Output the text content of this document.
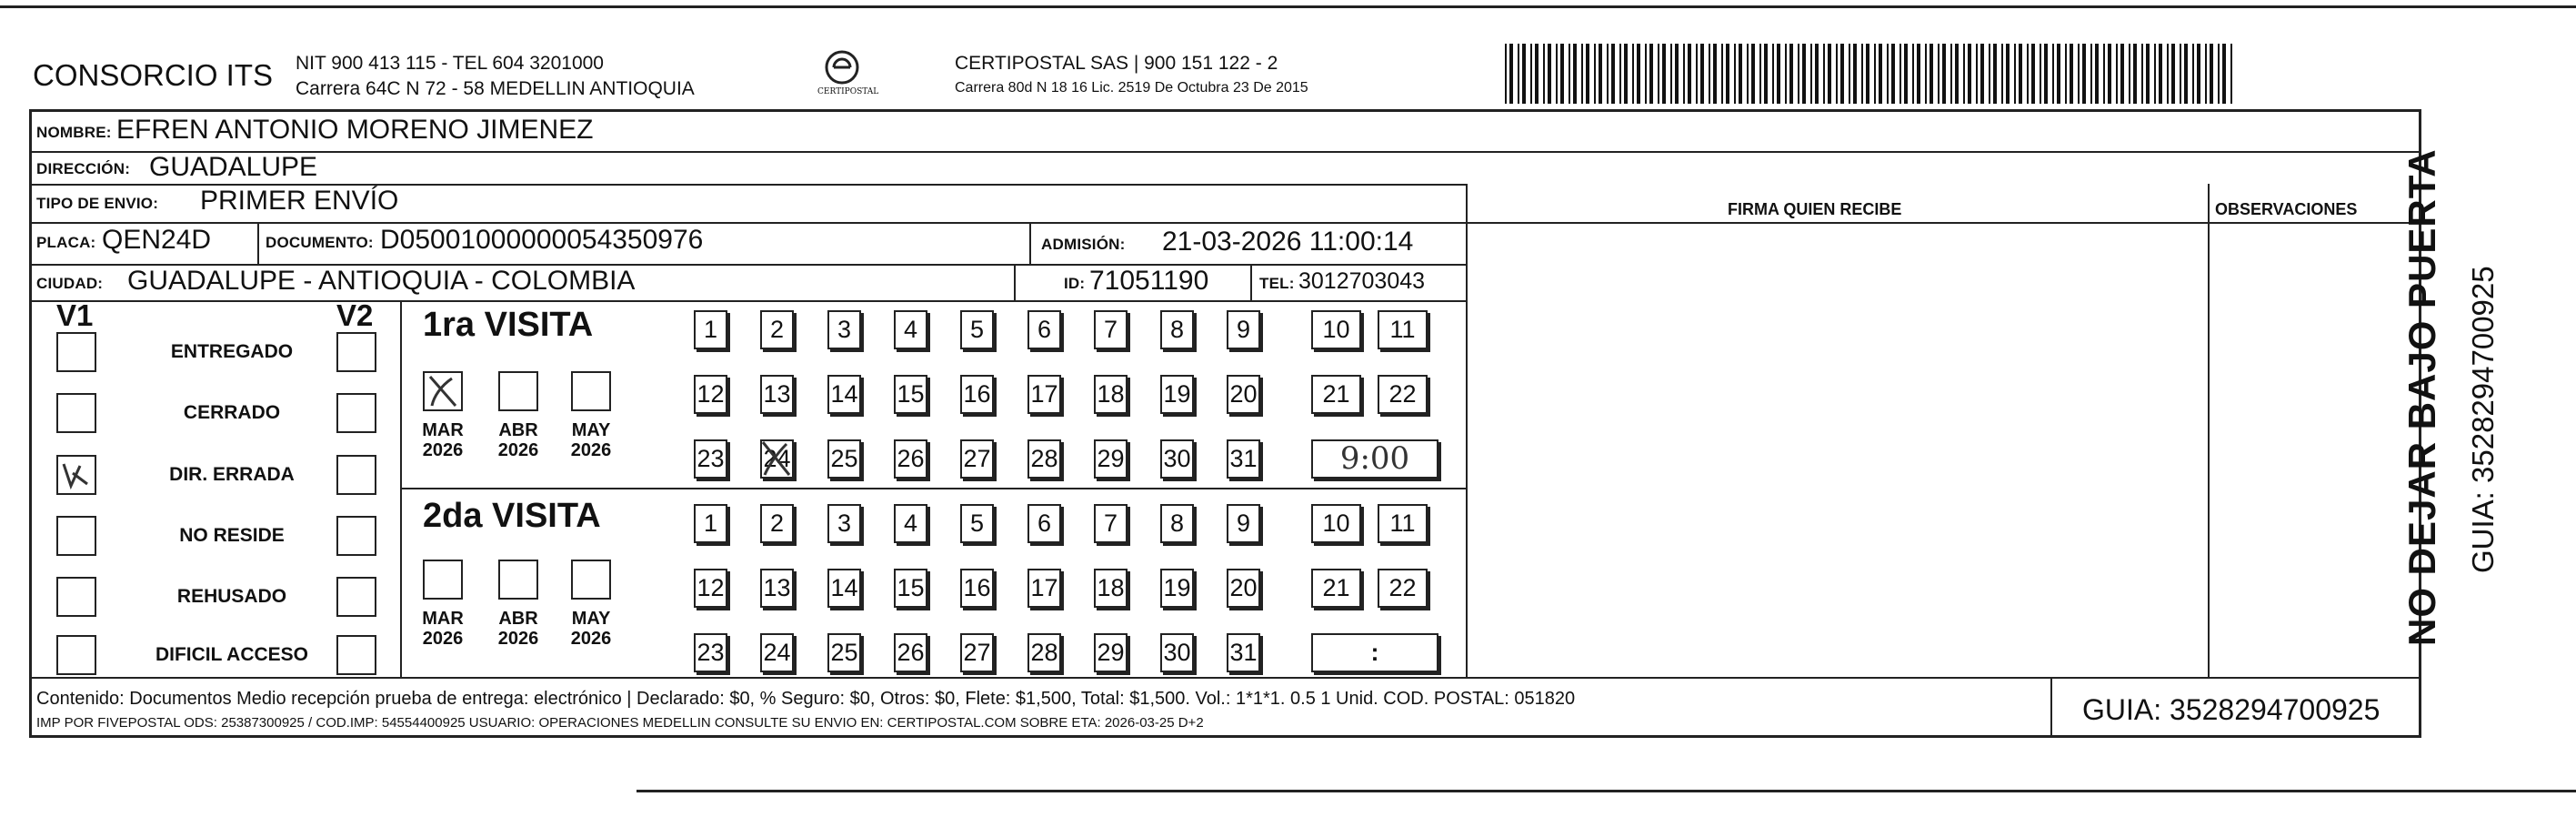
CONSORCIO ITS NIT 900 413 115 - TEL 604 3201000
Carrera 64C N 72 - 58 MEDELLIN ANTIOQUIA	CERTIPOSTAL
CERTIPOSTAL SAS | 900 151 122 - 2
Carrera 80d N 18 16 Lic. 2519 De Octubra 23 De 2015
NOMBRE: EFREN ANTONIO MORENO JIMENEZ
DIRECCIÓN: GUADALUPE
TIPO DE ENVIO: PRIMER ENVÍO	FIRMA QUIEN RECIBE	OBSERVACIONES
PLACA: QEN24D	DOCUMENTO: D05001000000054350976	ADMISIÓN: 21-03-2026 11:00:14
CIUDAD: GUADALUPE - ANTIOQUIA - COLOMBIA	ID: 71051190	TEL: 3012703043
V1	V2
ENTREGADO
CERRADO
DIR. ERRADA
NO RESIDE
REHUSADO
DIFICIL ACCESO
1ra VISITA
MAR
2026
ABR
2026
MAY
2026
2da VISITA
MAR
2026
ABR
2026
MAY
2026
1	2	3	4	5	6	7	8	9	10	11
12 13 14 15 16 17 18 19 20	21	22
23 24 25 26 27 28 29 30 31	9:00
1	2	3	4	5	6	7	8	9	10	11
12 13 14 15 16 17 18 19 20	21	22
23 24 25 26 27 28 29 30 31	:
Contenido: Documentos Medio recepción prueba de entrega: electrónico | Declarado: $0, % Seguro: $0, Otros: $0, Flete: $1,500, Total: $1,500. Vol.: 1*1*1. 0.5 1 Unid. COD. POSTAL: 051820
IMP POR FIVEPOSTAL ODS: 25387300925 / COD.IMP: 54554400925 USUARIO: OPERACIONES MEDELLIN CONSULTE SU ENVIO EN: CERTIPOSTAL.COM SOBRE ETA: 2026-03-25 D+2	GUIA: 3528294700925
NO DEJAR BAJO PUERTA GUIA: 3528294700925
